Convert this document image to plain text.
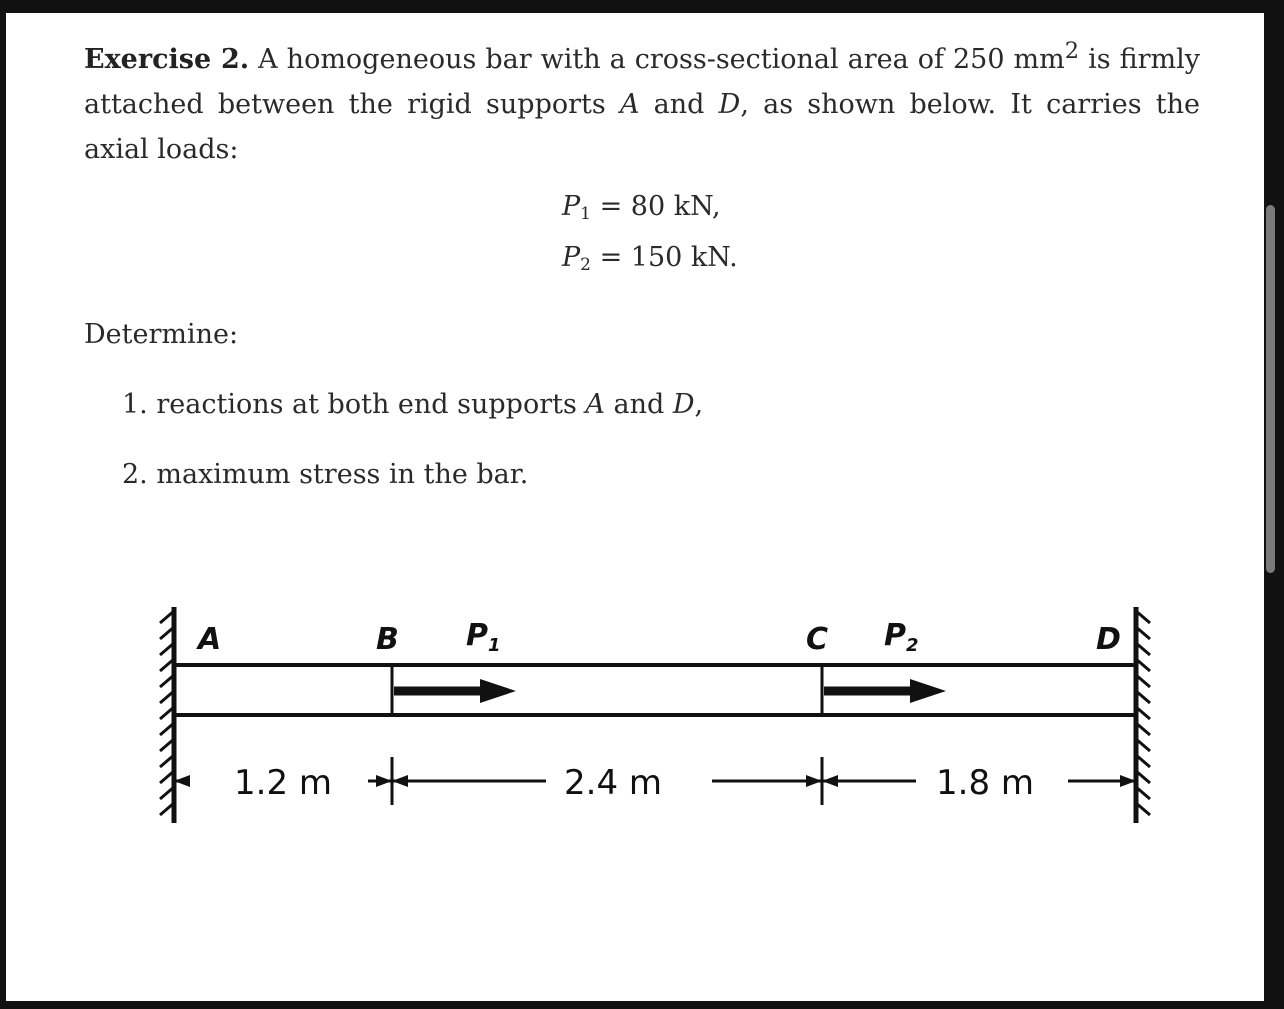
Exercise 2. A homogeneous bar with a cross-sectional area of 250 $mm^2$ is firmly attached between the rigid supports A and D, as shown below. It carries the axial loads:

$P_1 = 80$ kN,
$P_2 = 150$ kN.

Determine:

1. reactions at both end supports A and D,
2. maximum stress in the bar.
A	B	C	D
$P_1$	$P_2$
1.2 m	2.4 m	1.8 m
